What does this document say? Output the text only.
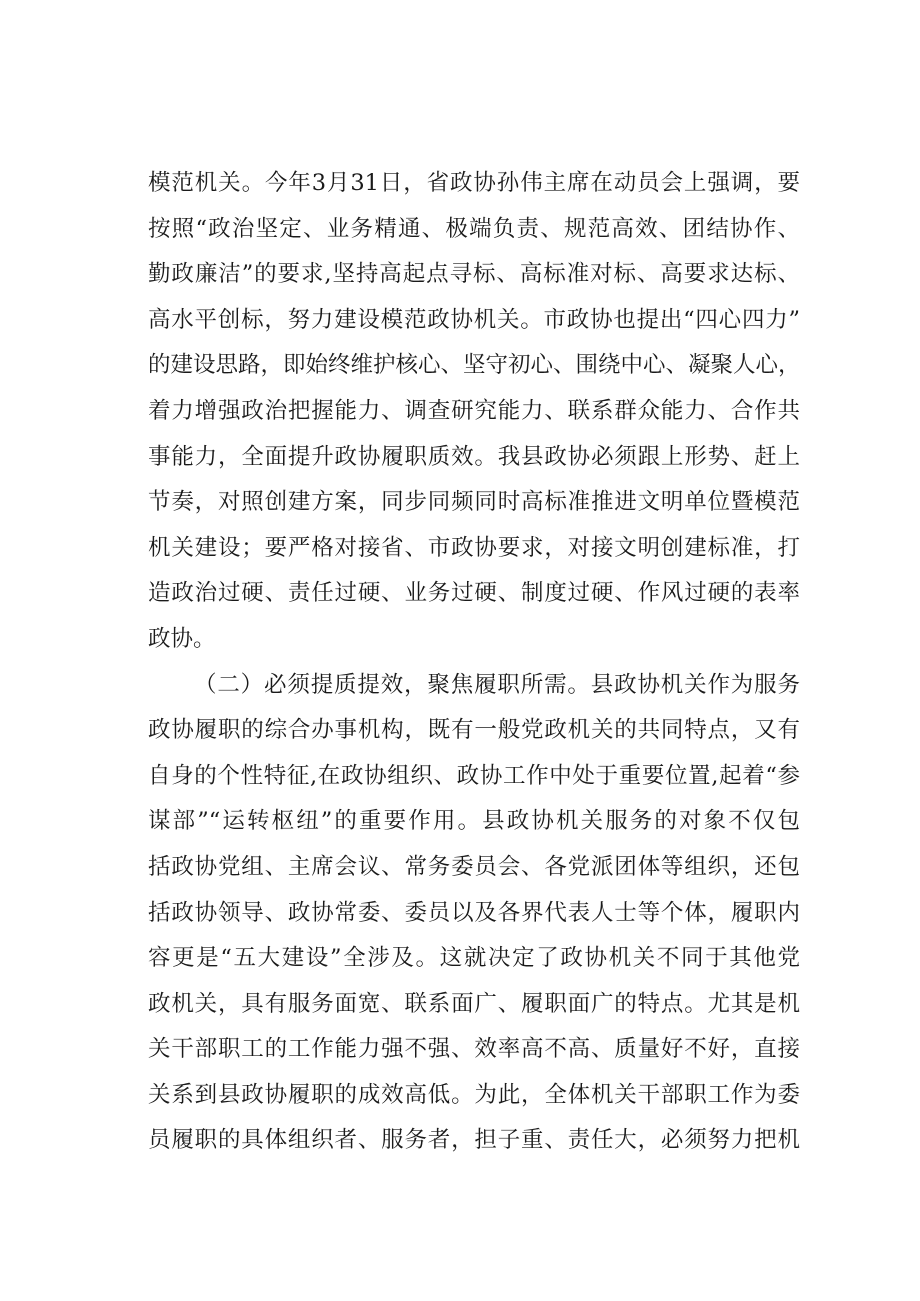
模范机关。今年3月31日，省政协孙伟主席在动员会上强调，要
按照“政治坚定、业务精通、极端负责、规范高效、团结协作、
勤政廉洁”的要求,坚持高起点寻标、高标准对标、高要求达标、
高水平创标，努力建设模范政协机关。市政协也提出“四心四力”
的建设思路，即始终维护核心、坚守初心、围绕中心、凝聚人心，
着力增强政治把握能力、调查研究能力、联系群众能力、合作共
事能力，全面提升政协履职质效。我县政协必须跟上形势、赶上
节奏，对照创建方案，同步同频同时高标准推进文明单位暨模范
机关建设；要严格对接省、市政协要求，对接文明创建标准，打
造政治过硬、责任过硬、业务过硬、制度过硬、作风过硬的表率
政协。
（二）必须提质提效，聚焦履职所需。县政协机关作为服务
政协履职的综合办事机构，既有一般党政机关的共同特点，又有
自身的个性特征,在政协组织、政协工作中处于重要位置,起着“参
谋部”“运转枢纽”的重要作用。县政协机关服务的对象不仅包
括政协党组、主席会议、常务委员会、各党派团体等组织，还包
括政协领导、政协常委、委员以及各界代表人士等个体，履职内
容更是“五大建设”全涉及。这就决定了政协机关不同于其他党
政机关，具有服务面宽、联系面广、履职面广的特点。尤其是机
关干部职工的工作能力强不强、效率高不高、质量好不好，直接
关系到县政协履职的成效高低。为此，全体机关干部职工作为委
员履职的具体组织者、服务者，担子重、责任大，必须努力把机
